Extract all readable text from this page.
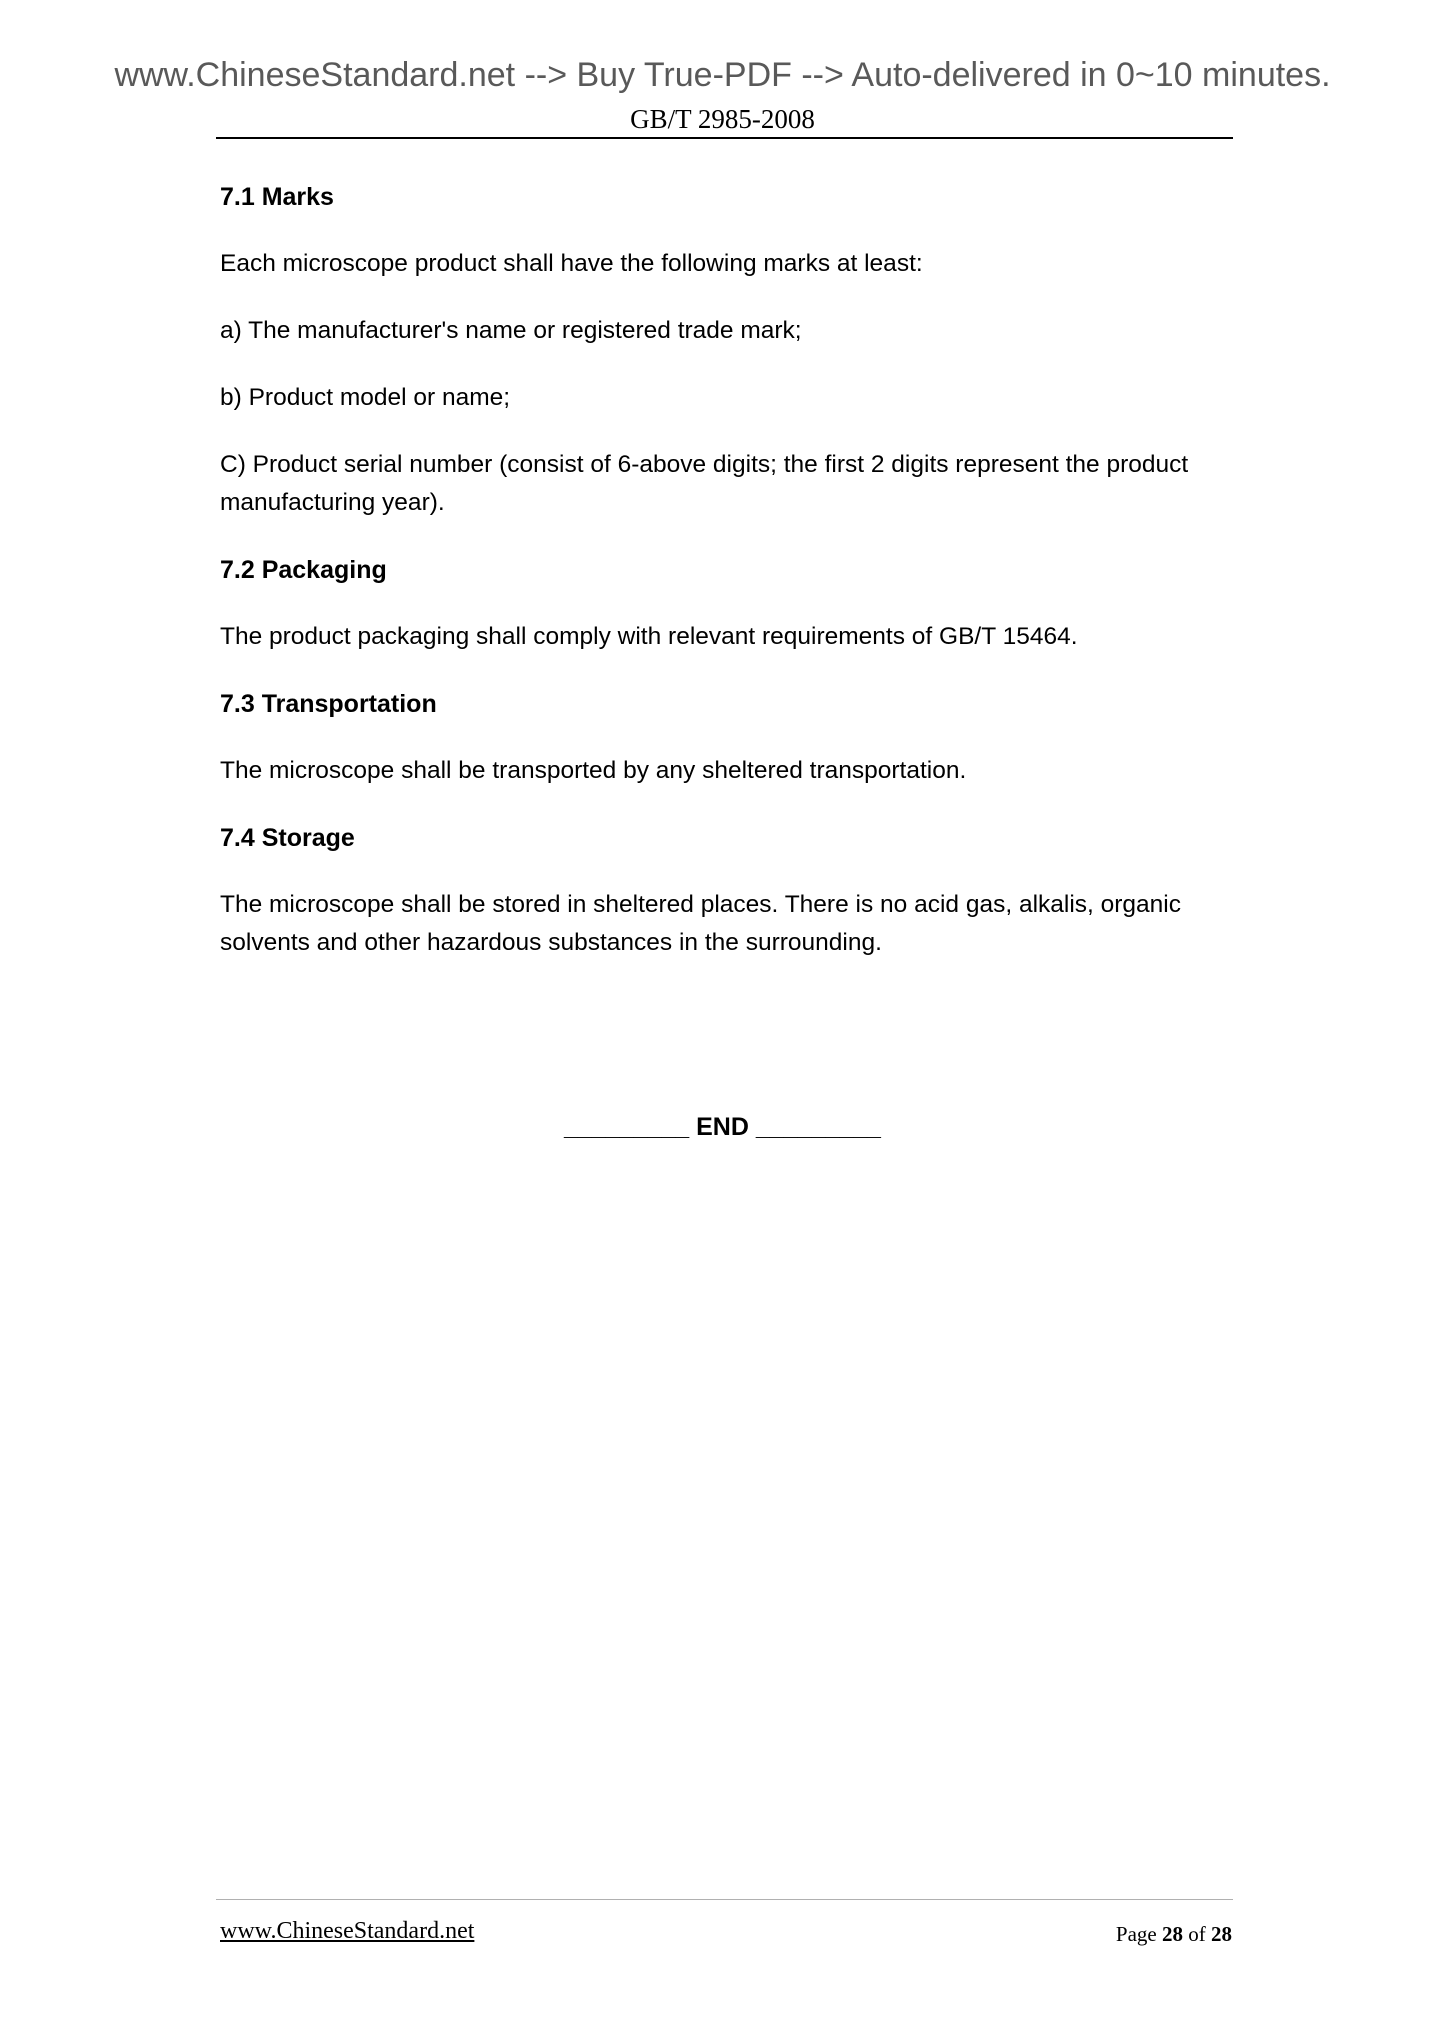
www.ChineseStandard.net --> Buy True-PDF --> Auto-delivered in 0~10 minutes.
GB/T 2985-2008
7.1 Marks
Each microscope product shall have the following marks at least:
a) The manufacturer's name or registered trade mark;
b) Product model or name;
C) Product serial number (consist of 6-above digits; the first 2 digits represent the product manufacturing year).
7.2 Packaging
The product packaging shall comply with relevant requirements of GB/T 15464.
7.3 Transportation
The microscope shall be transported by any sheltered transportation.
7.4 Storage
The microscope shall be stored in sheltered places. There is no acid gas, alkalis, organic solvents and other hazardous substances in the surrounding.
_________ END _________
www.ChineseStandard.net	Page 28 of 28
